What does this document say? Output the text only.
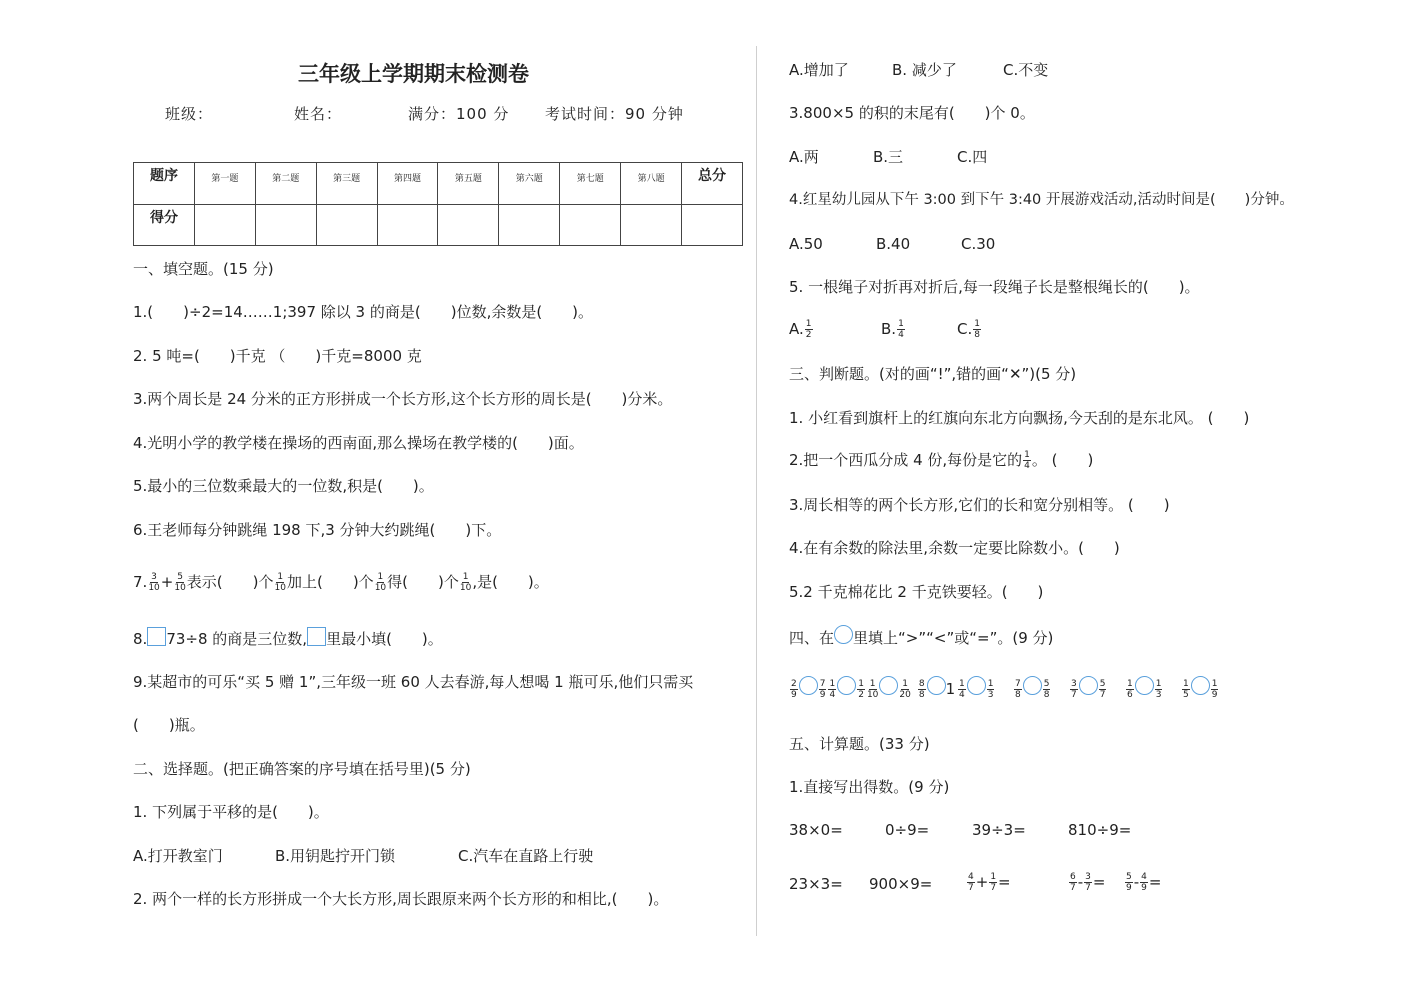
三年级上学期期末检测卷
班级：	姓名：	满分：100 分 考试时间：90 分钟
题序	第一题	第二题	第三题	第四题	第五题	第六题	第七题	第八题	总分
得分									
一、填空题。(15 分)
1.(　　)÷2=14……1;397 除以 3 的商是(　　)位数,余数是(　　)。
2. 5 吨=(　　)千克 （　　)千克=8000 克
3.两个周长是 24 分米的正方形拼成一个长方形,这个长方形的周长是(　　)分米。
4.光明小学的教学楼在操场的西南面,那么操场在教学楼的(　　)面。
5.最小的三位数乘最大的一位数,积是(　　)。
6.王老师每分钟跳绳 198 下,3 分钟大约跳绳(　　)下。
7. $\frac{3}{10} + \frac{5}{10}$ 表示(　　)个 $\frac{1}{10}$ 加上(　　)个 $\frac{1}{10}$ 得(　　)个 $\frac{1}{10}$ ,是(　　)。
8. 73÷8 的商是三位数, 里最小填(　　)。
9.某超市的可乐“买 5 赠 1”,三年级一班 60 人去春游,每人想喝 1 瓶可乐,他们只需买
(　　)瓶。
二、选择题。(把正确答案的序号填在括号里)(5 分)
1. 下列属于平移的是(　　)。
A.打开教室门	B.用钥匙拧开门锁	C.汽车在直路上行驶
2. 两个一样的长方形拼成一个大长方形,周长跟原来两个长方形的和相比,(　　)。
A.增加了	B. 减少了	C.不变
3.800×5 的积的末尾有(　　)个 0。
A.两	B.三	C.四
4.红星幼儿园从下午 3:00 到下午 3:40 开展游戏活动,活动时间是(　　)分钟。
A.50	B.40	C.30
5. 一根绳子对折再对折后,每一段绳子长是整根绳长的(　　)。
A. $\frac{1}{2}$	B. $\frac{1}{4}$	C. $\frac{1}{8}$
三、判断题。(对的画“!”,错的画“✕”)(5 分)
1. 小红看到旗杆上的红旗向东北方向飘扬,今天刮的是东北风。 (　　)
2.把一个西瓜分成 4 份,每份是它的 $\frac{1}{4}$ 。 (　　)
3.周长相等的两个长方形,它们的长和宽分别相等。 (　　)
4.在有余数的除法里,余数一定要比除数小。(　　)
5.2 千克棉花比 2 千克铁要轻。(　　)
四、在 里填上“>”“<”或“=”。(9 分)
$\frac{2}{9} \frac{7}{9} \frac{1}{4} \frac{1}{2} \frac{1}{10} \frac{1}{20} \frac{8}{8} 1 \frac{1}{4} \frac{1}{3} \frac{7}{8} \frac{5}{8} \frac{3}{7} \frac{5}{7} \frac{1}{6} \frac{1}{3} \frac{1}{5} \frac{1}{9}$
五、计算题。(33 分)
1.直接写出得数。(9 分)
38×0=	0÷9=	39÷3=	810÷9=
23×3= 900×9=	$\frac{4}{7} + \frac{1}{7}$ =	$\frac{6}{7} - \frac{3}{7} = \frac{5}{9} - \frac{4}{9}$ =
